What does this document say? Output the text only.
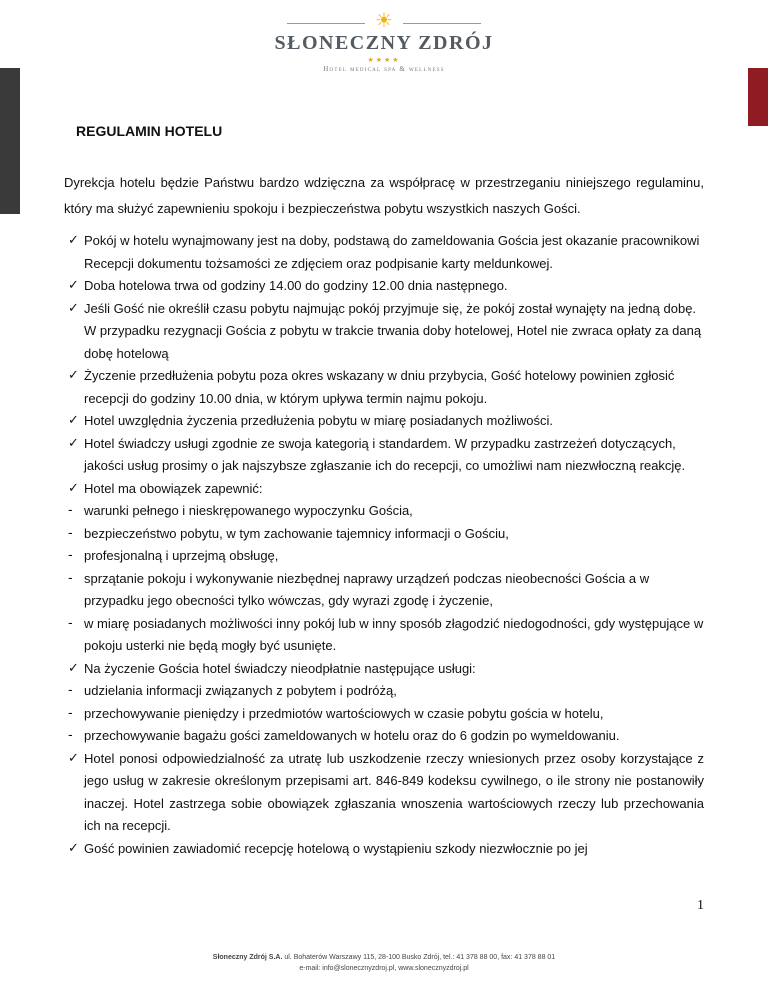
☀
SŁONECZNY ZDRÓJ
★★★★
Hotel medical spa & wellness
REGULAMIN HOTELU

Dyrekcja hotelu będzie Państwu bardzo wdzięczna za współpracę w przestrzeganiu niniejszego regulaminu, który ma służyć zapewnieniu spokoju i bezpieczeństwa pobytu wszystkich naszych Gości.

✓ Pokój w hotelu wynajmowany jest na doby, podstawą do zameldowania Gościa jest okazanie pracownikowi Recepcji dokumentu tożsamości ze zdjęciem oraz podpisanie karty meldunkowej.
✓ Doba hotelowa trwa od godziny 14.00 do godziny 12.00 dnia następnego.
✓ Jeśli Gość nie określił czasu pobytu najmując pokój przyjmuje się, że pokój został wynajęty na jedną dobę. W przypadku rezygnacji Gościa z pobytu w trakcie trwania doby hotelowej, Hotel nie zwraca opłaty za daną dobę hotelową
✓ Życzenie przedłużenia pobytu poza okres wskazany w dniu przybycia, Gość hotelowy powinien zgłosić recepcji do godziny 10.00 dnia, w którym upływa termin najmu pokoju.
✓ Hotel uwzględnia życzenia przedłużenia pobytu w miarę posiadanych możliwości.
✓ Hotel świadczy usługi zgodnie ze swoja kategorią i standardem. W przypadku zastrzeżeń dotyczących, jakości usług prosimy o jak najszybsze zgłaszanie ich do recepcji, co umożliwi nam niezwłoczną reakcję.
✓ Hotel ma obowiązek zapewnić:
- warunki pełnego i nieskrępowanego wypoczynku Gościa,
- bezpieczeństwo pobytu, w tym zachowanie tajemnicy informacji o Gościu,
- profesjonalną i uprzejmą obsługę,
- sprzątanie pokoju i wykonywanie niezbędnej naprawy urządzeń podczas nieobecności Gościa a w przypadku jego obecności tylko wówczas, gdy wyrazi zgodę i życzenie,
- w miarę posiadanych możliwości inny pokój lub w inny sposób złagodzić niedogodności, gdy występujące w pokoju usterki nie będą mogły być usunięte.
✓ Na życzenie Gościa hotel świadczy nieodpłatnie następujące usługi:
- udzielania informacji związanych z pobytem i podróżą,
- przechowywanie pieniędzy i przedmiotów wartościowych w czasie pobytu gościa w hotelu,
- przechowywanie bagażu gości zameldowanych w hotelu oraz do 6 godzin po wymeldowaniu.
✓ Hotel ponosi odpowiedzialność za utratę lub uszkodzenie rzeczy wniesionych przez osoby korzystające z jego usług w zakresie określonym przepisami art. 846-849 kodeksu cywilnego, o ile strony nie postanowiły inaczej. Hotel zastrzega sobie obowiązek zgłaszania wnoszenia wartościowych rzeczy lub przechowania ich na recepcji.
✓ Gość powinien zawiadomić recepcję hotelową o wystąpieniu szkody niezwłocznie po jej
1
Słoneczny Zdrój S.A. ul. Bohaterów Warszawy 115, 28-100 Busko Zdrój, tel.: 41 378 88 00, fax: 41 378 88 01
e-mail: info@slonecznyzdroj.pl, www.slonecznyzdroj.pl
